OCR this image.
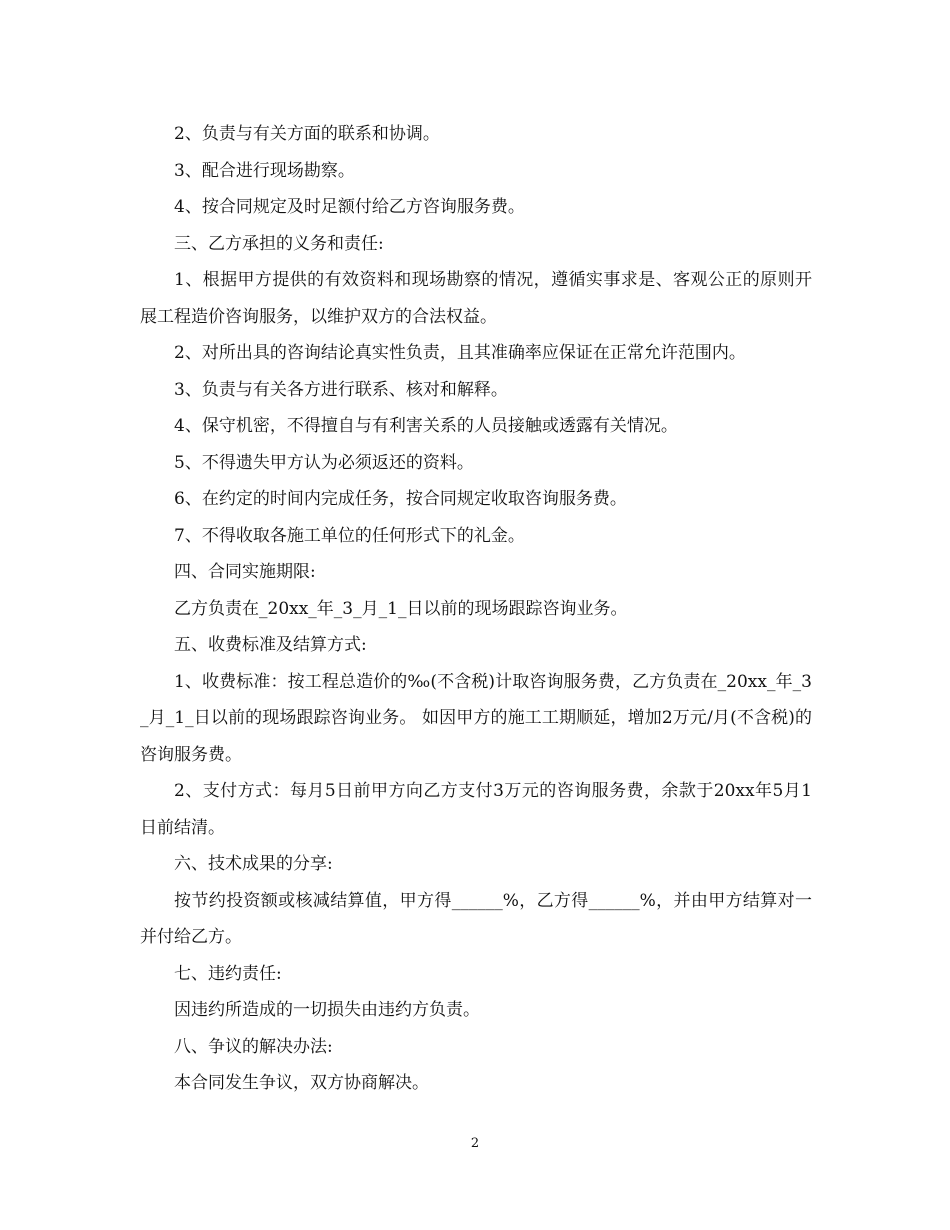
2、负责与有关方面的联系和协调。

3、配合进行现场勘察。

4、按合同规定及时足额付给乙方咨询服务费。

三、乙方承担的义务和责任:

1、根据甲方提供的有效资料和现场勘察的情况，遵循实事求是、客观公正的原则开展工程造价咨询服务，以维护双方的合法权益。

2、对所出具的咨询结论真实性负责，且其准确率应保证在正常允许范围内。

3、负责与有关各方进行联系、核对和解释。

4、保守机密，不得擅自与有利害关系的人员接触或透露有关情况。

5、不得遗失甲方认为必须返还的资料。

6、在约定的时间内完成任务，按合同规定收取咨询服务费。

7、不得收取各施工单位的任何形式下的礼金。

四、合同实施期限:

乙方负责在_20xx_年_3_月_1_日以前的现场跟踪咨询业务。

五、收费标准及结算方式:

1、收费标准：按工程总造价的‰(不含税)计取咨询服务费，乙方负责在_20xx_年_3_月_1_日以前的现场跟踪咨询业务。 如因甲方的施工工期顺延，增加2万元/月(不含税)的咨询服务费。

2、支付方式：每月5日前甲方向乙方支付3万元的咨询服务费，余款于20xx年5月1日前结清。

六、技术成果的分享:

按节约投资额或核减结算值，甲方得______%，乙方得______%，并由甲方结算对一并付给乙方。

七、违约责任:

因违约所造成的一切损失由违约方负责。

八、争议的解决办法:

本合同发生争议，双方协商解决。

2
